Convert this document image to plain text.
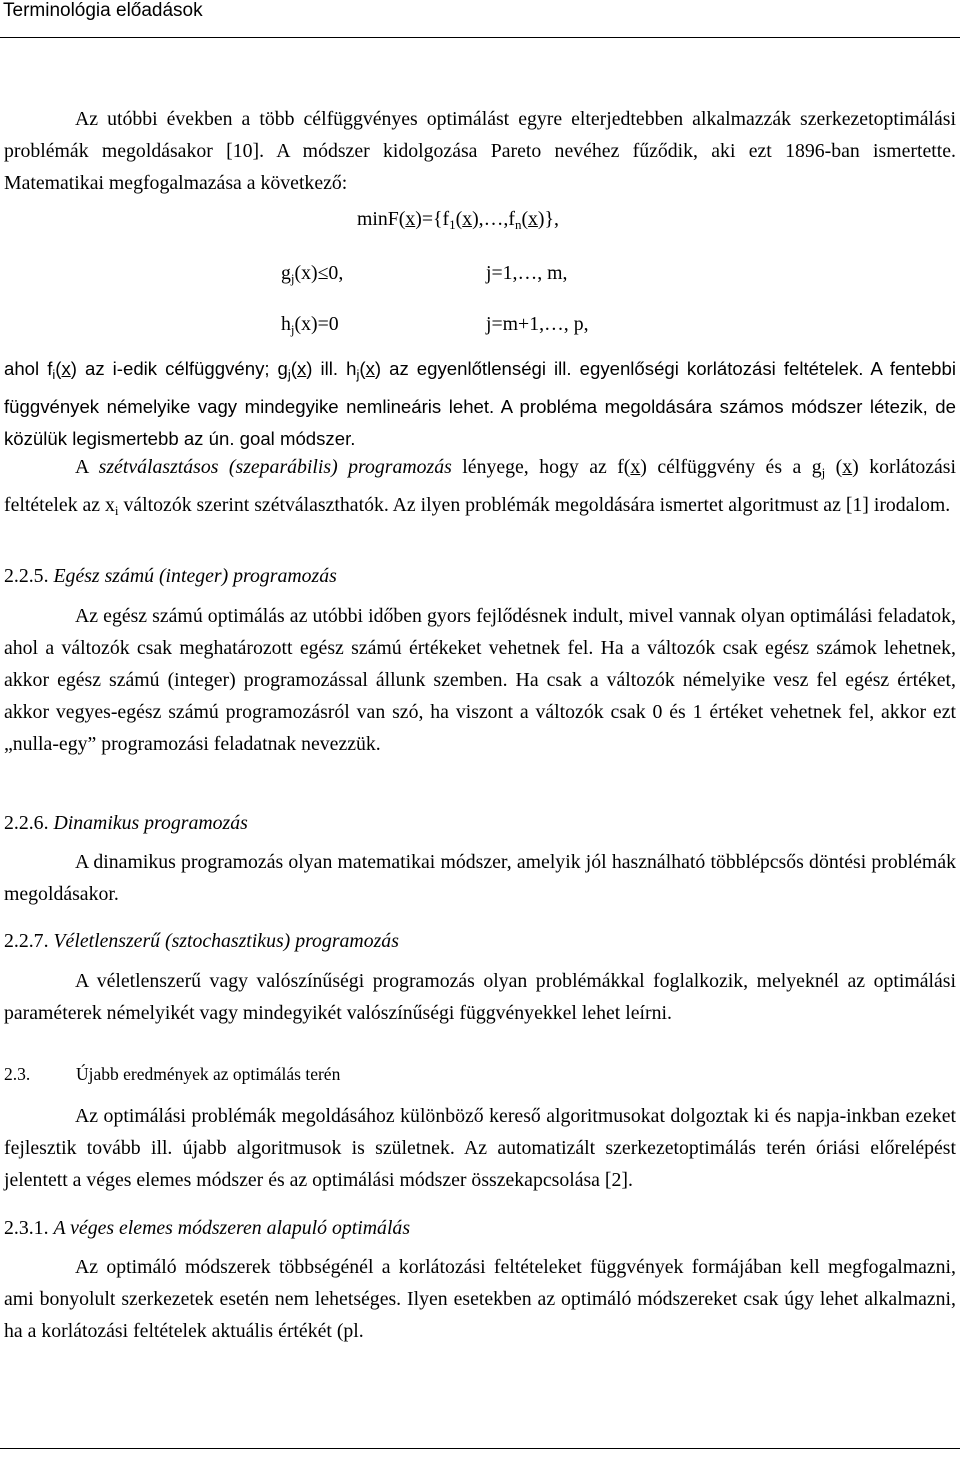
Terminológia előadások

Az utóbbi években a több célfüggvényes optimálást egyre elterjedtebben alkalmazzák szerkezetoptimálási problémák megoldásakor [10]. A módszer kidolgozása Pareto nevéhez fűződik, aki ezt 1896-ban ismertette. Matematikai megfogalmazása a következő:

$\min F(x)=\{f_1(x),\dots,f_n(x)\}$,
$g_j(x)\le 0$,	j=1,…, m,
$h_j(x)=0$	j=m+1,…, p,

ahol $f_i(x)$ az i-edik célfüggvény; $g_j(x)$ ill. $h_j(x)$ az egyenlőtlenségi ill. egyenlőségi korlátozási feltételek. A fentebbi függvények némelyike vagy mindegyike nemlineáris lehet. A probléma megoldására számos módszer létezik, de közülük legismertebb az ún. goal módszer.

A szétválasztásos (szeparábilis) programozás lényege, hogy az f(x) célfüggvény és a $g_j$ (x) korlátozási feltételek az $x_i$ változók szerint szétválaszthatók. Az ilyen problémák megoldására ismertet algoritmust az [1] irodalom.

2.2.5. Egész számú (integer) programozás

Az egész számú optimálás az utóbbi időben gyors fejlődésnek indult, mivel vannak olyan optimálási feladatok, ahol a változók csak meghatározott egész számú értékeket vehetnek fel. Ha a változók csak egész számok lehetnek, akkor egész számú (integer) programozással állunk szemben. Ha csak a változók némelyike vesz fel egész értéket, akkor vegyes-egész számú programozásról van szó, ha viszont a változók csak 0 és 1 értéket vehetnek fel, akkor ezt „nulla-egy” programozási feladatnak nevezzük.

2.2.6. Dinamikus programozás

A dinamikus programozás olyan matematikai módszer, amelyik jól használható többlépcsős döntési problémák megoldásakor.

2.2.7. Véletlenszerű (sztochasztikus) programozás

A véletlenszerű vagy valószínűségi programozás olyan problémákkal foglalkozik, melyeknél az optimálási paraméterek némelyikét vagy mindegyikét valószínűségi függvényekkel lehet leírni.

2.3.	Újabb eredmények az optimálás terén

Az optimálási problémák megoldásához különböző kereső algoritmusokat dolgoztak ki és napja-inkban ezeket fejlesztik tovább ill. újabb algoritmusok is születnek. Az automatizált szerkezetoptimálás terén óriási előrelépést jelentett a véges elemes módszer és az optimálási módszer összekapcsolása [2].

2.3.1. A véges elemes módszeren alapuló optimálás

Az optimáló módszerek többségénél a korlátozási feltételeket függvények formájában kell megfogalmazni, ami bonyolult szerkezetek esetén nem lehetséges. Ilyen esetekben az optimáló módszereket csak úgy lehet alkalmazni, ha a korlátozási feltételek aktuális értékét (pl.
